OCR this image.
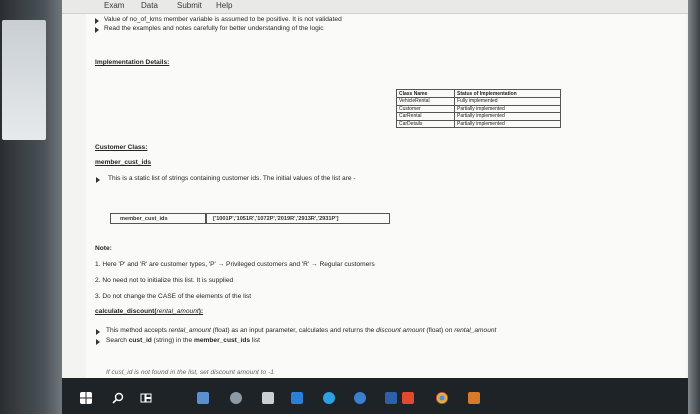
Exam Data Submit Help
Value of no_of_kms member variable is assumed to be positive. It is not validated
Read the examples and notes carefully for better understanding of the logic
Implementation Details:
Class Name	Status of Implementation
VehicleRental	Fully implemented
Customer	Partially implemented
CarRental	Partially implemented
CarDetails	Partially implemented
Customer Class:
member_cust_ids
This is a static list of strings containing customer ids. The initial values of the list are -
member_cust_ids	['1001P','1051R','1072P','2019R','2913R','2931P']
Note:
1. Here 'P' and 'R' are customer types, 'P' → Privileged customers and 'R' → Regular customers
2. No need not to initialize this list. It is supplied
3. Do not change the CASE of the elements of the list
calculate_discount(rental_amount):
This method accepts rental_amount (float) as an input parameter, calculates and returns the discount amount (float) on rental_amount
Search cust_id (string) in the member_cust_ids list
If cust_id is not found in the list, set discount amount to -1
